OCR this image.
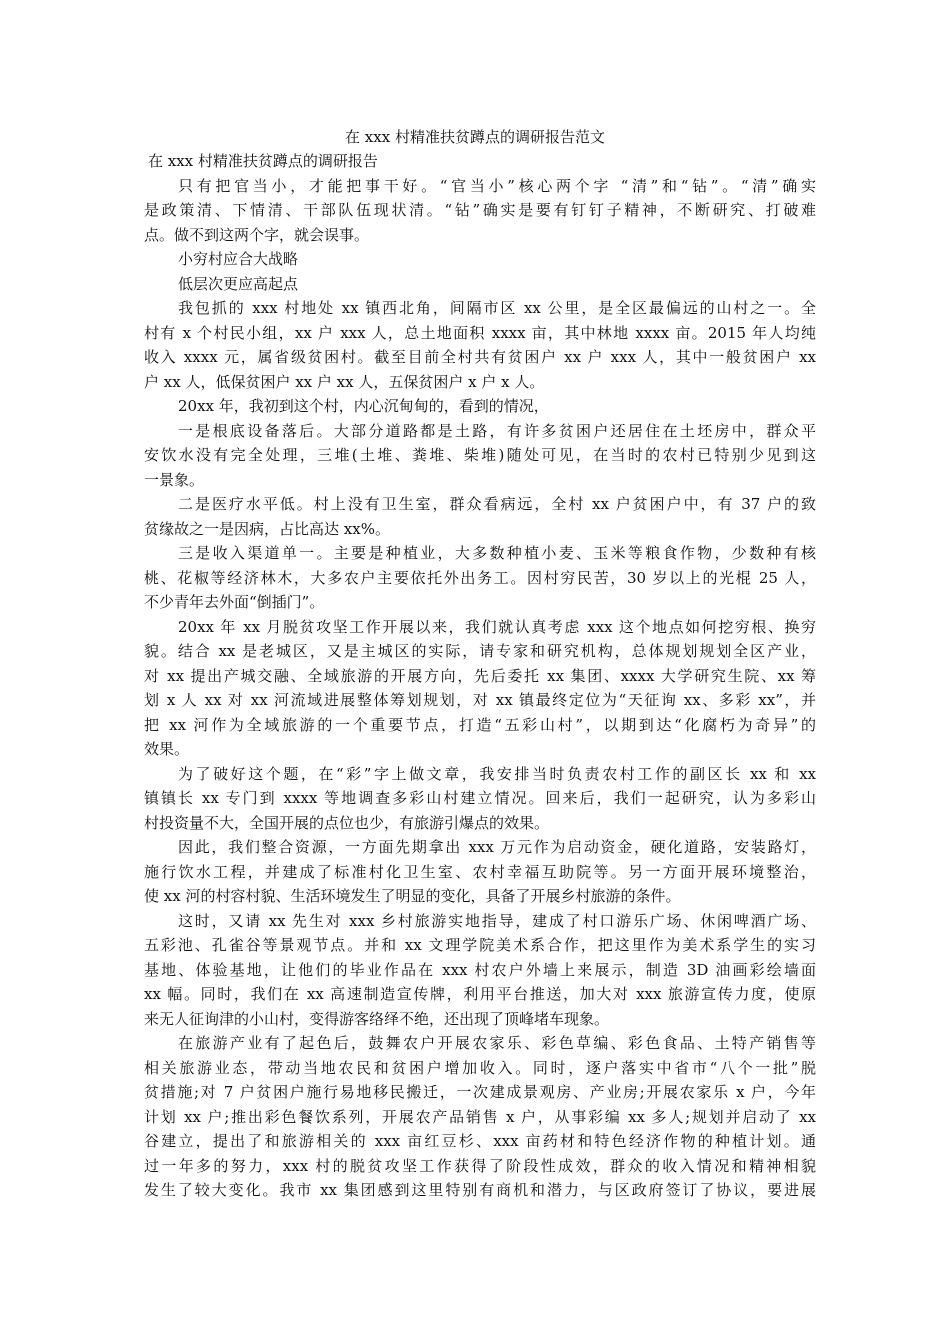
在 xxx 村精准扶贫蹲点的调研报告范文
在 xxx 村精准扶贫蹲点的调研报告
只有把官当小，才能把事干好。“官当小”核心两个字 “清”和“钻”。“清”确实
是政策清、下情清、干部队伍现状清。“钻”确实是要有钉钉子精神，不断研究、打破难
点。做不到这两个字，就会误事。
小穷村应合大战略
低层次更应高起点
我包抓的 xxx 村地处 xx 镇西北角，间隔市区 xx 公里，是全区最偏远的山村之一。全
村有 x 个村民小组，xx 户 xxx 人，总土地面积 xxxx 亩，其中林地 xxxx 亩。2015 年人均纯
收入 xxxx 元，属省级贫困村。截至目前全村共有贫困户 xx 户 xxx 人，其中一般贫困户 xx
户 xx 人，低保贫困户 xx 户 xx 人，五保贫困户 x 户 x 人。
20xx 年，我初到这个村，内心沉甸甸的，看到的情况，
一是根底设备落后。大部分道路都是土路，有许多贫困户还居住在土坯房中，群众平
安饮水没有完全处理，三堆(土堆、粪堆、柴堆)随处可见，在当时的农村已特别少见到这
一景象。
二是医疗水平低。村上没有卫生室，群众看病远，全村 xx 户贫困户中，有 37 户的致
贫缘故之一是因病，占比高达 xx%。
三是收入渠道单一。主要是种植业，大多数种植小麦、玉米等粮食作物，少数种有核
桃、花椒等经济林木，大多农户主要依托外出务工。因村穷民苦，30 岁以上的光棍 25 人，
不少青年去外面“倒插门”。
20xx 年 xx 月脱贫攻坚工作开展以来，我们就认真考虑 xxx 这个地点如何挖穷根、换穷
貌。结合 xx 是老城区，又是主城区的实际，请专家和研究机构，总体规划规划全区产业，
对 xx 提出产城交融、全域旅游的开展方向，先后委托 xx 集团、xxxx 大学研究生院、xx 筹
划 x 人 xx 对 xx 河流域进展整体筹划规划，对 xx 镇最终定位为“天征询 xx、多彩 xx”，并
把 xx 河作为全域旅游的一个重要节点，打造“五彩山村”，以期到达“化腐朽为奇异”的
效果。
为了破好这个题，在“彩”字上做文章，我安排当时负责农村工作的副区长 xx 和 xx
镇镇长 xx 专门到 xxxx 等地调查多彩山村建立情况。回来后，我们一起研究，认为多彩山
村投资量不大，全国开展的点位也少，有旅游引爆点的效果。
因此，我们整合资源，一方面先期拿出 xxx 万元作为启动资金，硬化道路，安装路灯，
施行饮水工程，并建成了标准村化卫生室、农村幸福互助院等。另一方面开展环境整治，
使 xx 河的村容村貌、生活环境发生了明显的变化，具备了开展乡村旅游的条件。
这时，又请 xx 先生对 xxx 乡村旅游实地指导，建成了村口游乐广场、休闲啤酒广场、
五彩池、孔雀谷等景观节点。并和 xx 文理学院美术系合作，把这里作为美术系学生的实习
基地、体验基地，让他们的毕业作品在 xxx 村农户外墙上来展示，制造 3D 油画彩绘墙面
xx 幅。同时，我们在 xx 高速制造宣传牌，利用平台推送，加大对 xxx 旅游宣传力度，使原
来无人征询津的小山村，变得游客络绎不绝，还出现了顶峰堵车现象。
在旅游产业有了起色后，鼓舞农户开展农家乐、彩色草编、彩色食品、土特产销售等
相关旅游业态，带动当地农民和贫困户增加收入。同时，逐户落实中省市“八个一批”脱
贫措施;对 7 户贫困户施行易地移民搬迁，一次建成景观房、产业房;开展农家乐 x 户，今年
计划 xx 户;推出彩色餐饮系列，开展农产品销售 x 户，从事彩编 xx 多人;规划并启动了 xx
谷建立，提出了和旅游相关的 xxx 亩红豆杉、xxx 亩药材和特色经济作物的种植计划。通
过一年多的努力，xxx 村的脱贫攻坚工作获得了阶段性成效，群众的收入情况和精神相貌
发生了较大变化。我市 xx 集团感到这里特别有商机和潜力，与区政府签订了协议，要进展
